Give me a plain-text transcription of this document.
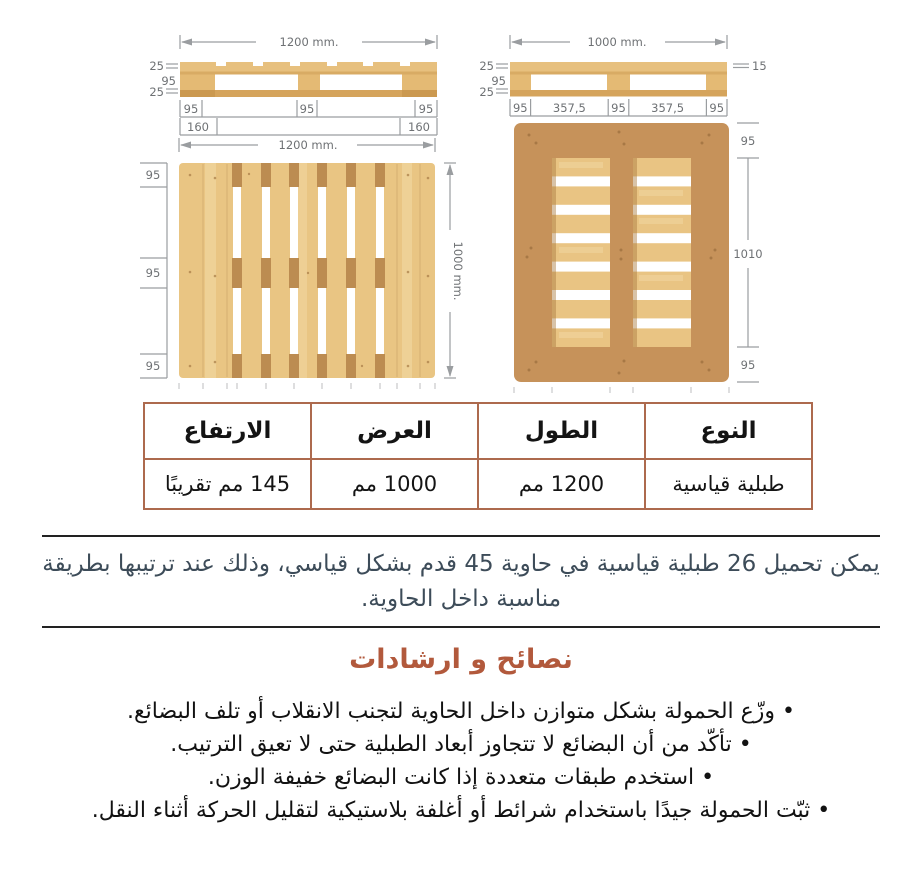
1200 mm.
25
95
25
95	95	95
160	160
1000 mm.
25
95
25
15
95 357,5 95 357,5 95
1200 mm.
95
95
95
1000 mm.
95
1010
95
النوع	الطول	العرض	الارتفاع
طبلية قياسية	1200 مم	1000 مم	145 مم تقريبًا
يمكن تحميل 26 طبلية قياسية في حاوية 45 قدم بشكل قياسي، وذلك عند ترتيبها بطريقة مناسبة داخل الحاوية.
نصائح و ارشادات
• وزّع الحمولة بشكل متوازن داخل الحاوية لتجنب الانقلاب أو تلف البضائع.
• تأكّد من أن البضائع لا تتجاوز أبعاد الطبلية حتى لا تعيق الترتيب.
• استخدم طبقات متعددة إذا كانت البضائع خفيفة الوزن.
• ثبّت الحمولة جيدًا باستخدام شرائط أو أغلفة بلاستيكية لتقليل الحركة أثناء النقل.
